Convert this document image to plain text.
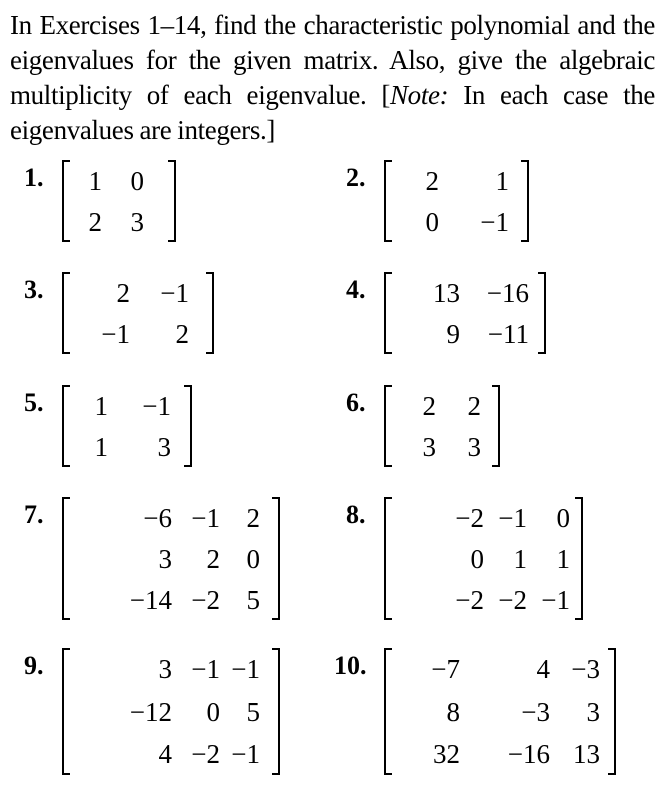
In Exercises 1–14, find the characteristic polynomial and the eigenvalues for the given matrix. Also, give the algebraic multiplicity of each eigenvalue. [Note: In each case the eigenvalues are integers.]

1. 1 0
2 3
2. 2 1
0 −1
3.	2 −1
−1 2
4.	13 −16
9 −11
5. 1 −1
1 3
6. 2 2
3 3
7.	−6 −1 2
3 2 0
−14 −2 5
8.	−2 −1 0
0 1 1
−2 −2 −1
9.	3 −1 −1
−12 0 5
4 −2 −1
10. −7	4 −3
8 −3 3
32 −16 13
